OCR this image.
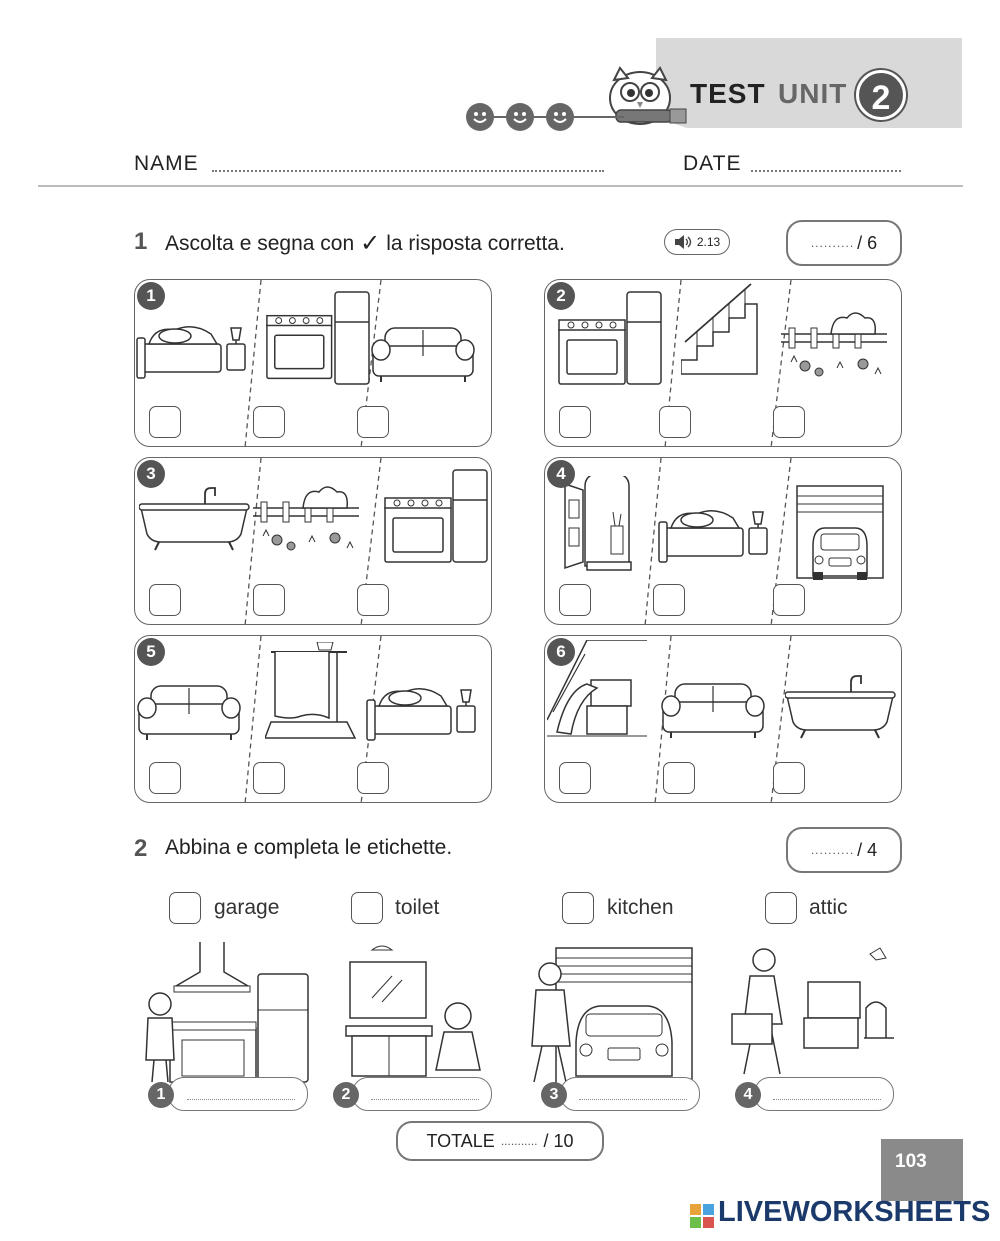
TEST UNIT 2
NAME	DATE
1 Ascolta e segna con ✓ la risposta corretta.	2.13	.......... / 6
1	2
3	4
5	6
2 Abbina e completa le etichette.	.......... / 4
garage	toilet	kitchen	attic
1	2	3	4
TOTALE ........... / 10
103
LIVEWORKSHEETS
